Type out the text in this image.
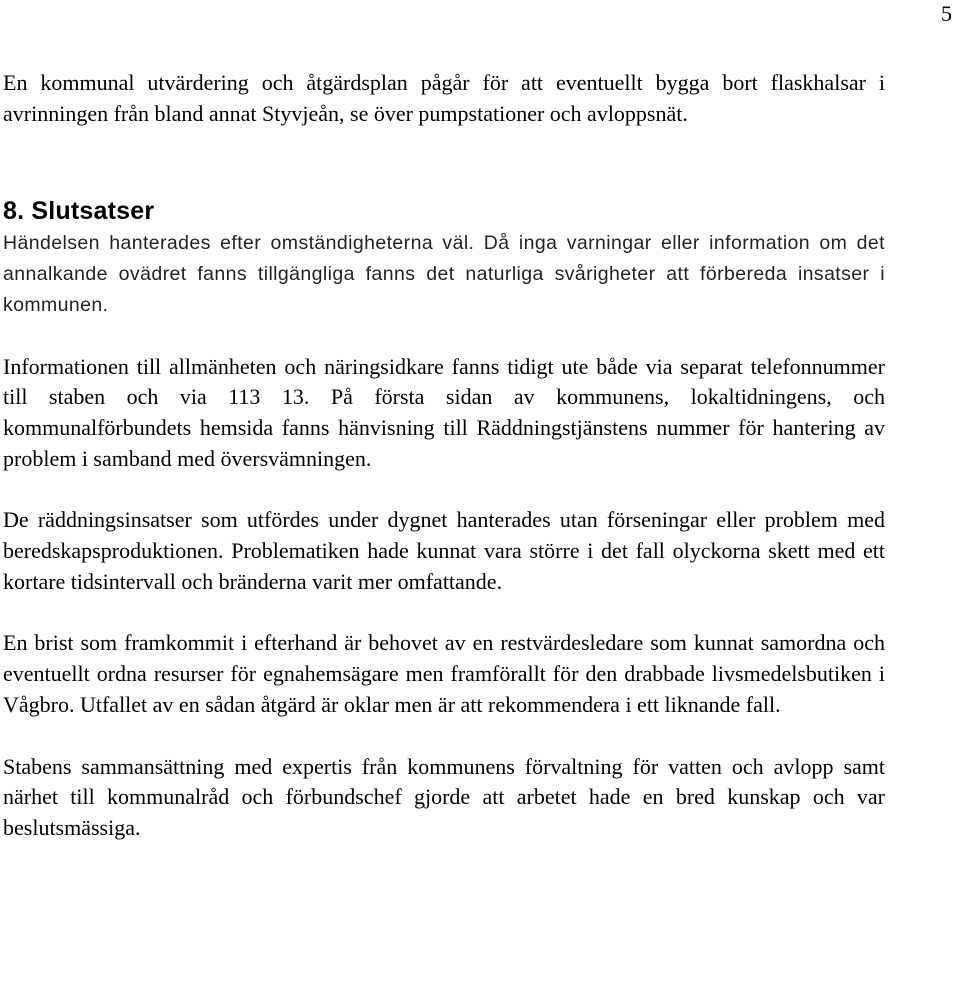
5

En kommunal utvärdering och åtgärdsplan pågår för att eventuellt bygga bort flaskhalsar i avrinningen från bland annat Styvjeån, se över pumpstationer och avloppsnät.

8. Slutsatser

Händelsen hanterades efter omständigheterna väl. Då inga varningar eller information om det annalkande ovädret fanns tillgängliga fanns det naturliga svårigheter att förbereda insatser i kommunen.

Informationen till allmänheten och näringsidkare fanns tidigt ute både via separat telefonnummer till staben och via 113 13. På första sidan av kommunens, lokaltidningens, och kommunalförbundets hemsida fanns hänvisning till Räddningstjänstens nummer för hantering av problem i samband med översvämningen.

De räddningsinsatser som utfördes under dygnet hanterades utan förseningar eller problem med beredskapsproduktionen. Problematiken hade kunnat vara större i det fall olyckorna skett med ett kortare tidsintervall och bränderna varit mer omfattande.

En brist som framkommit i efterhand är behovet av en restvärdesledare som kunnat samordna och eventuellt ordna resurser för egnahemsägare men framförallt för den drabbade livsmedelsbutiken i Vågbro. Utfallet av en sådan åtgärd är oklar men är att rekommendera i ett liknande fall.

Stabens sammansättning med expertis från kommunens förvaltning för vatten och avlopp samt närhet till kommunalråd och förbundschef gjorde att arbetet hade en bred kunskap och var beslutsmässiga.
